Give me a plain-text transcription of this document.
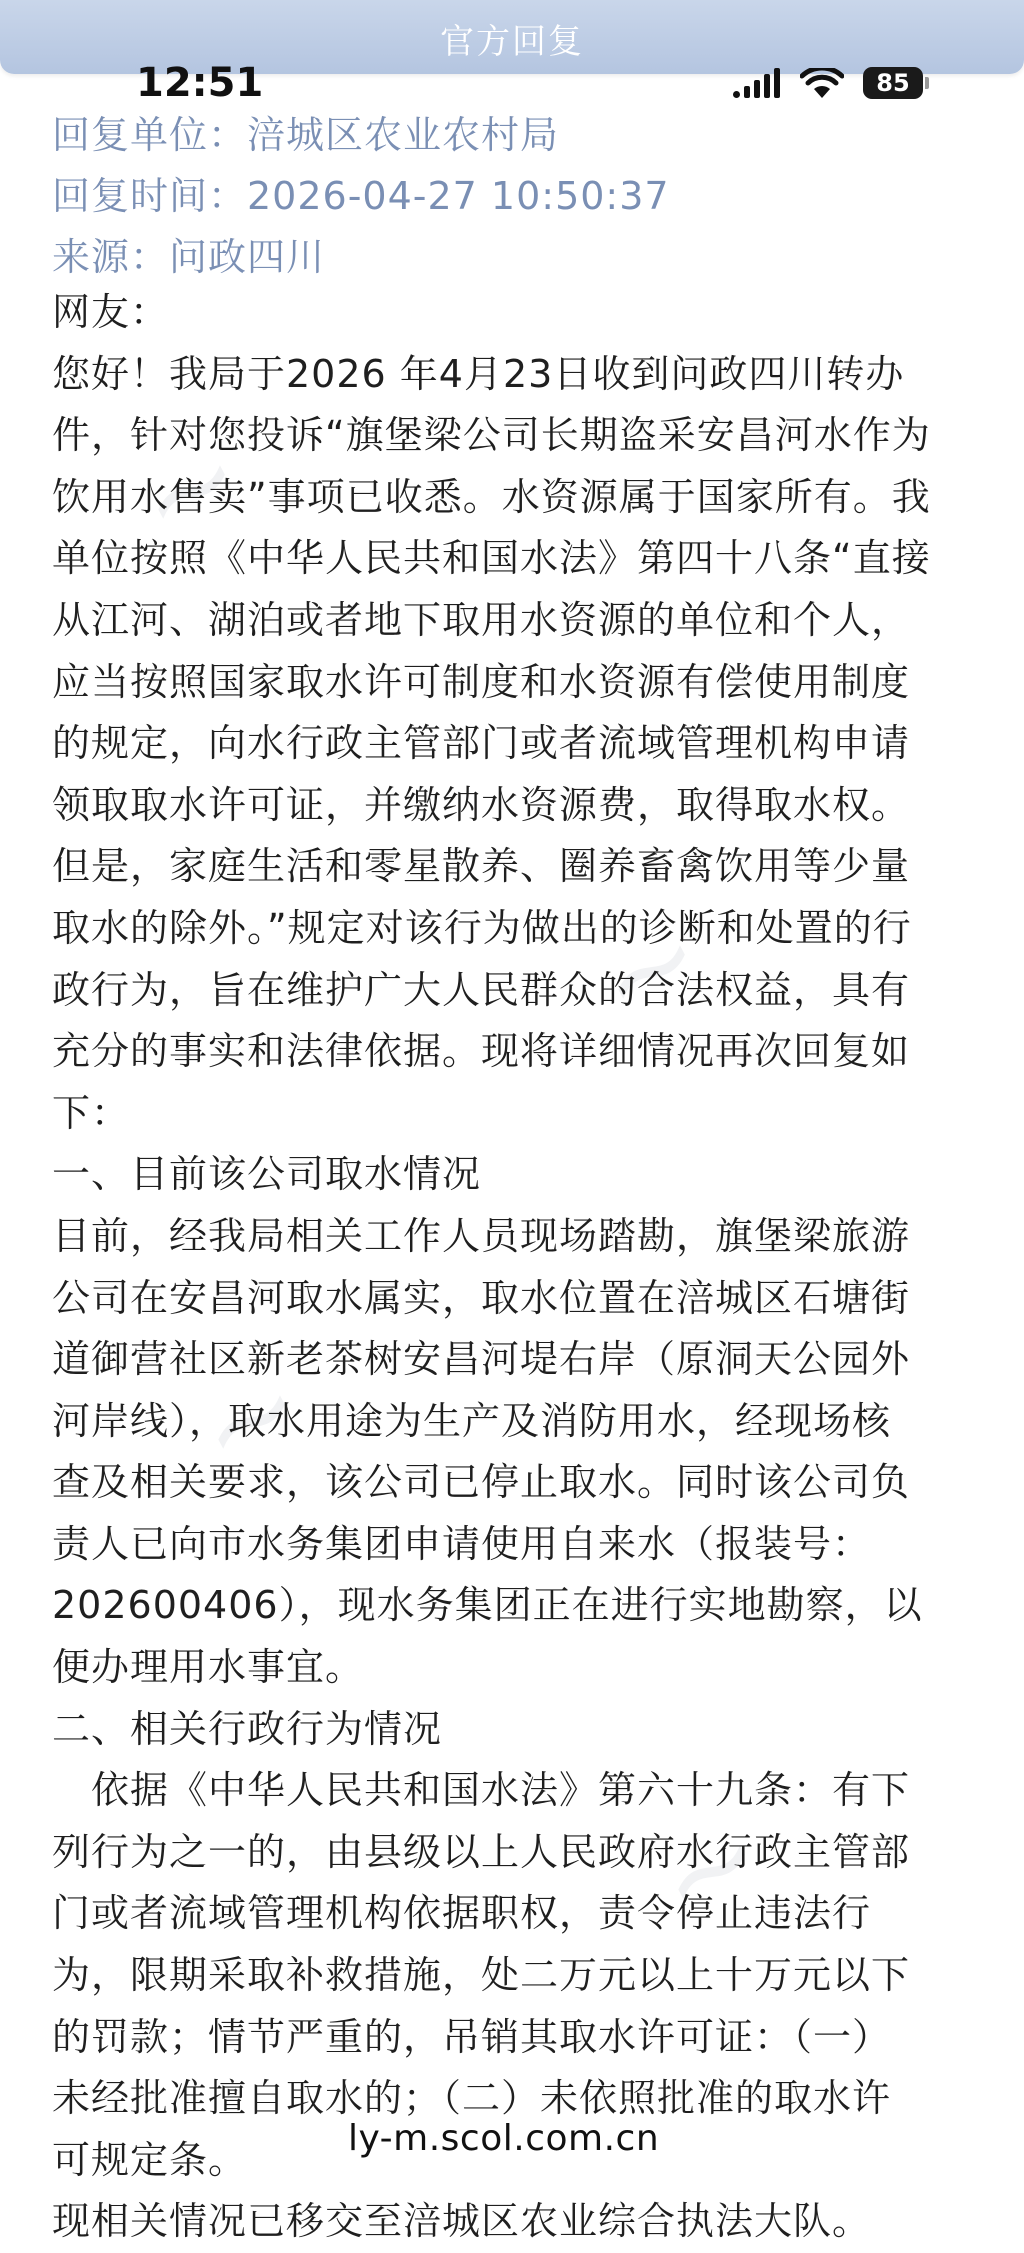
官方回复
12:51	85
~
~
~
~
回复单位：涪城区农业农村局
回复时间：2026-04-27 10:50:37
来源：问政四川
网友：
您好！我局于2026 年4月23日收到问政四川转办
件，针对您投诉“旗堡梁公司长期盗采安昌河水作为
饮用水售卖”事项已收悉。水资源属于国家所有。我
单位按照《中华人民共和国水法》第四十八条“直接
从江河、湖泊或者地下取用水资源的单位和个人，
应当按照国家取水许可制度和水资源有偿使用制度
的规定，向水行政主管部门或者流域管理机构申请
领取取水许可证，并缴纳水资源费，取得取水权。
但是，家庭生活和零星散养、圈养畜禽饮用等少量
取水的除外。”规定对该行为做出的诊断和处置的行
政行为，旨在维护广大人民群众的合法权益，具有
充分的事实和法律依据。现将详细情况再次回复如
下：
一、目前该公司取水情况
目前，经我局相关工作人员现场踏勘，旗堡梁旅游
公司在安昌河取水属实，取水位置在涪城区石塘街
道御营社区新老茶树安昌河堤右岸（原洞天公园外
河岸线），取水用途为生产及消防用水，经现场核
查及相关要求，该公司已停止取水。同时该公司负
责人已向市水务集团申请使用自来水（报装号：
202600406），现水务集团正在进行实地勘察，以
便办理用水事宜。
二、相关行政行为情况
　依据《中华人民共和国水法》第六十九条：有下
列行为之一的，由县级以上人民政府水行政主管部
门或者流域管理机构依据职权，责令停止违法行
为，限期采取补救措施，处二万元以上十万元以下
的罚款；情节严重的，吊销其取水许可证：（一）
未经批准擅自取水的；（二）未依照批准的取水许
可规定条。
现相关情况已移交至涪城区农业综合执法大队。
ly-m.scol.com.cn
